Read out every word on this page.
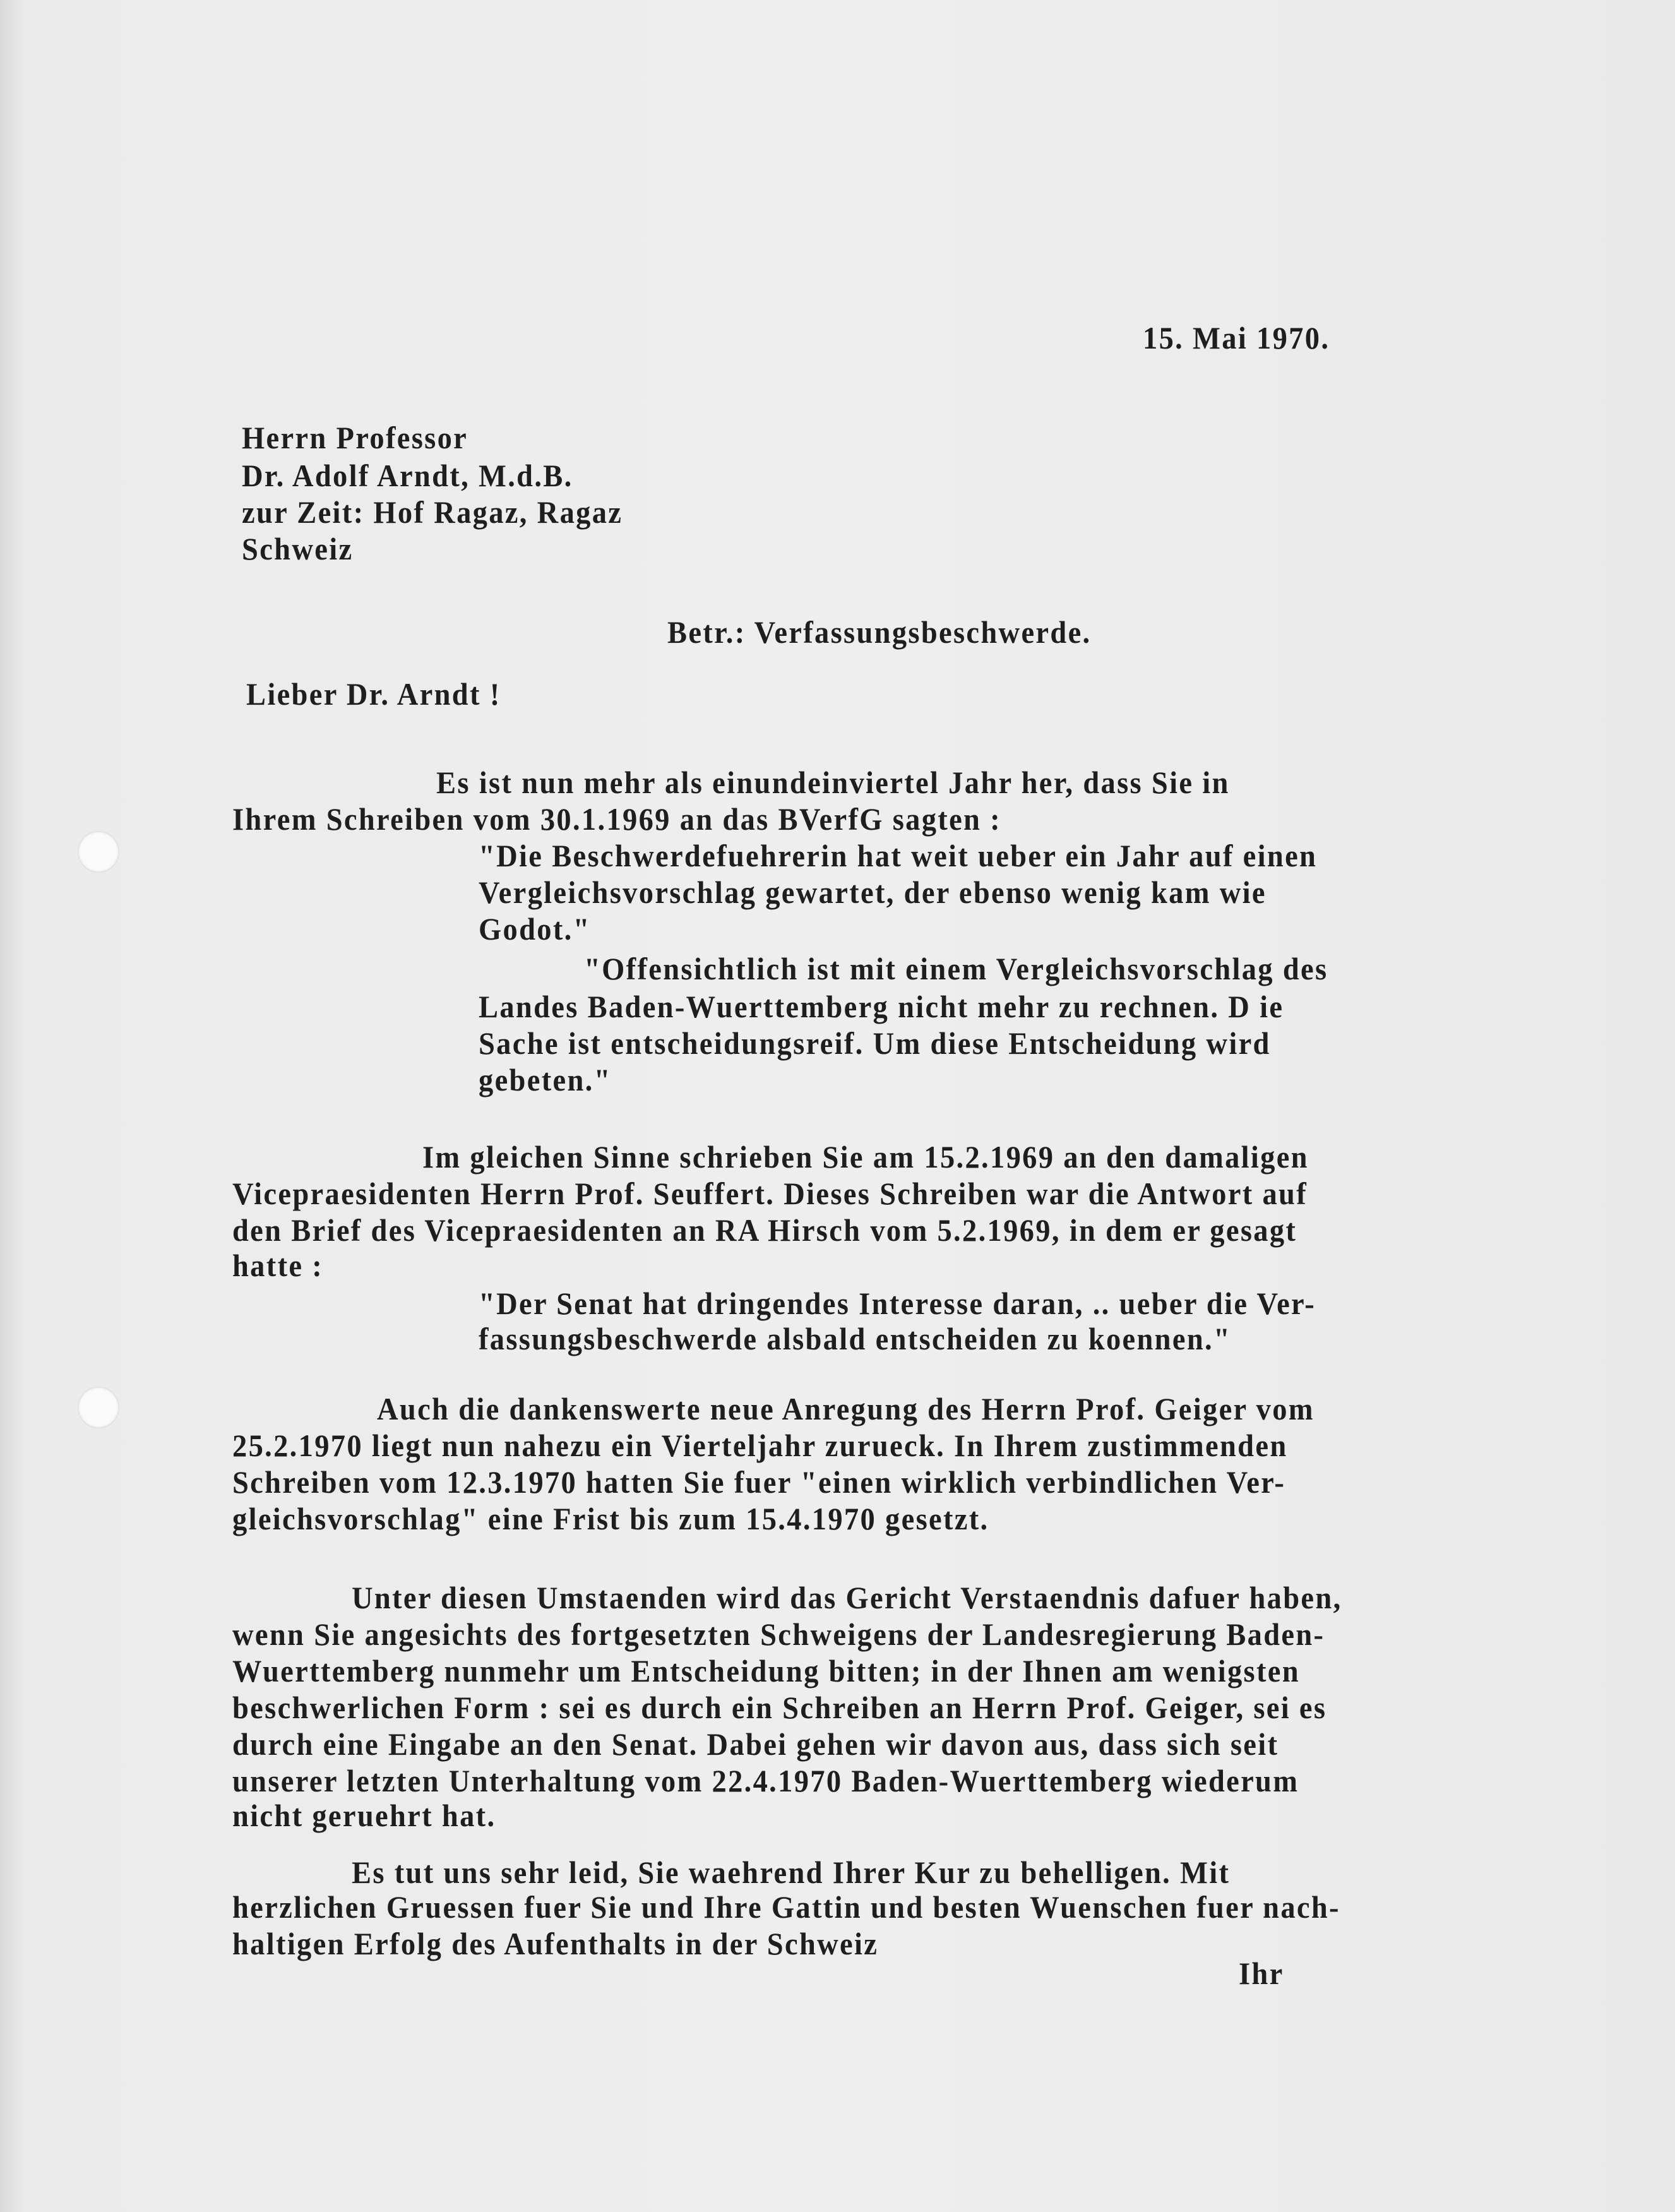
15. Mai 1970.
Herrn Professor
Dr. Adolf Arndt, M.d.B.
zur Zeit: Hof Ragaz, Ragaz
Schweiz
Betr.: Verfassungsbeschwerde.
Lieber Dr. Arndt !
Es ist nun mehr als einundeinviertel Jahr her, dass Sie in
Ihrem Schreiben vom 30.1.1969 an das BVerfG sagten :
"Die Beschwerdefuehrerin hat weit ueber ein Jahr auf einen
Vergleichsvorschlag gewartet, der ebenso wenig kam wie
Godot."
"Offensichtlich ist mit einem Vergleichsvorschlag des
Landes Baden-Wuerttemberg nicht mehr zu rechnen. D ie
Sache ist entscheidungsreif. Um diese Entscheidung wird
gebeten."
Im gleichen Sinne schrieben Sie am 15.2.1969 an den damaligen
Vicepraesidenten Herrn Prof. Seuffert. Dieses Schreiben war die Antwort auf
den Brief des Vicepraesidenten an RA Hirsch vom 5.2.1969, in dem er gesagt
hatte :
"Der Senat hat dringendes Interesse daran, .. ueber die Ver-
fassungsbeschwerde alsbald entscheiden zu koennen."
Auch die dankenswerte neue Anregung des Herrn Prof. Geiger vom
25.2.1970 liegt nun nahezu ein Vierteljahr zurueck. In Ihrem zustimmenden
Schreiben vom 12.3.1970 hatten Sie fuer "einen wirklich verbindlichen Ver-
gleichsvorschlag" eine Frist bis zum 15.4.1970 gesetzt.
Unter diesen Umstaenden wird das Gericht Verstaendnis dafuer haben,
wenn Sie angesichts des fortgesetzten Schweigens der Landesregierung Baden-
Wuerttemberg nunmehr um Entscheidung bitten; in der Ihnen am wenigsten
beschwerlichen Form : sei es durch ein Schreiben an Herrn Prof. Geiger, sei es
durch eine Eingabe an den Senat. Dabei gehen wir davon aus, dass sich seit
unserer letzten Unterhaltung vom 22.4.1970 Baden-Wuerttemberg wiederum
nicht geruehrt hat.
Es tut uns sehr leid, Sie waehrend Ihrer Kur zu behelligen. Mit
herzlichen Gruessen fuer Sie und Ihre Gattin und besten Wuenschen fuer nach-
haltigen Erfolg des Aufenthalts in der Schweiz
Ihr
